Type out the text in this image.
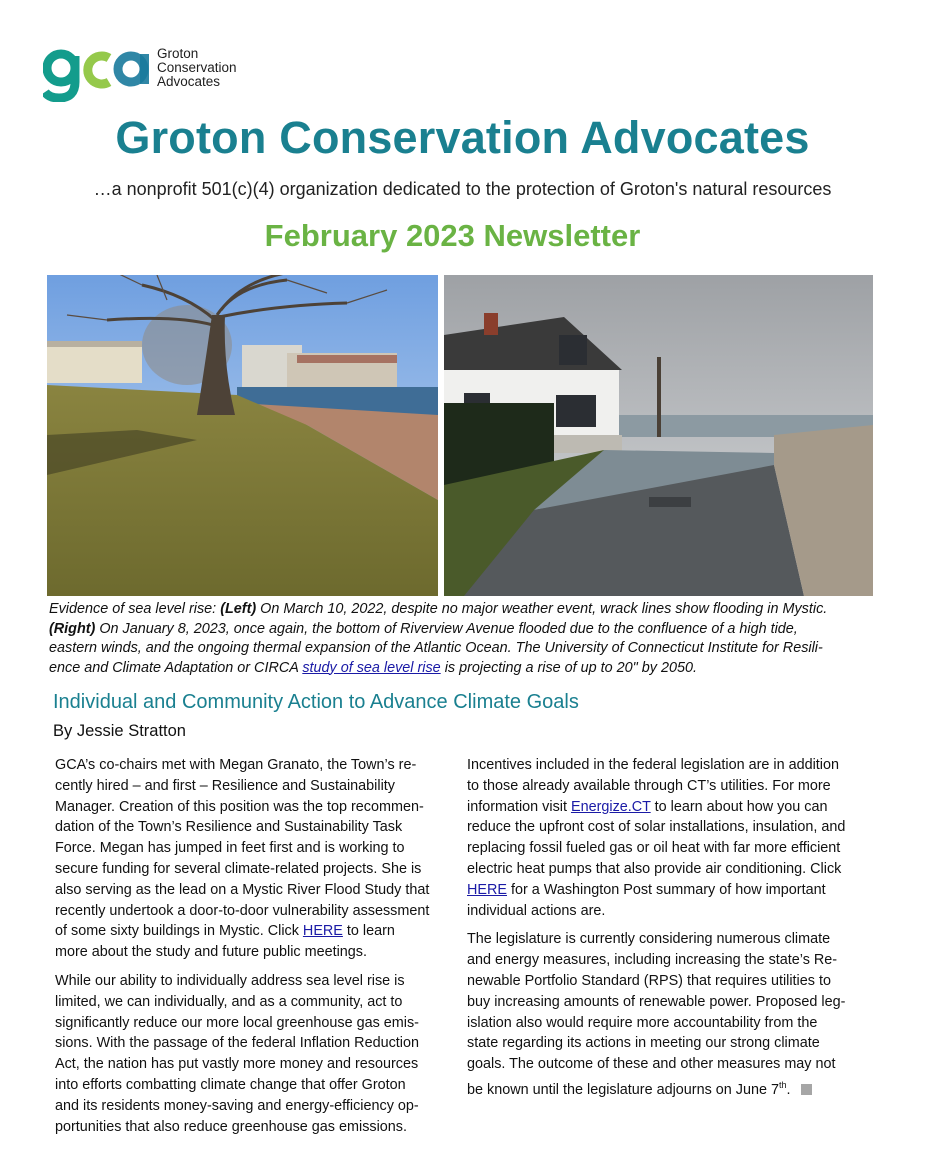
Groton
Conservation
Advocates
Groton Conservation Advocates
…a nonprofit 501(c)(4) organization dedicated to the protection of Groton's natural resources
February 2023 Newsletter
Evidence of sea level rise: (Left) On March 10, 2022, despite no major weather event, wrack lines show flooding in Mystic.
(Right) On January 8, 2023, once again, the bottom of Riverview Avenue flooded due to the confluence of a high tide,
eastern winds, and the ongoing thermal expansion of the Atlantic Ocean. The University of Connecticut Institute for Resili-
ence and Climate Adaptation or CIRCA study of sea level rise is projecting a rise of up to 20" by 2050.
Individual and Community Action to Advance Climate Goals
By Jessie Stratton

GCA’s co-chairs met with Megan Granato, the Town’s re-
cently hired – and first – Resilience and Sustainability
Manager. Creation of this position was the top recommen-
dation of the Town’s Resilience and Sustainability Task
Force. Megan has jumped in feet first and is working to
secure funding for several climate-related projects. She is
also serving as the lead on a Mystic River Flood Study that
recently undertook a door-to-door vulnerability assessment
of some sixty buildings in Mystic. Click HERE to learn
more about the study and future public meetings.

While our ability to individually address sea level rise is
limited, we can individually, and as a community, act to
significantly reduce our more local greenhouse gas emis-
sions. With the passage of the federal Inflation Reduction
Act, the nation has put vastly more money and resources
into efforts combatting climate change that offer Groton
and its residents money-saving and energy-efficiency op-
portunities that also reduce greenhouse gas emissions.

Incentives included in the federal legislation are in addition
to those already available through CT’s utilities. For more
information visit Energize.CT to learn about how you can
reduce the upfront cost of solar installations, insulation, and
replacing fossil fueled gas or oil heat with far more efficient
electric heat pumps that also provide air conditioning. Click
HERE for a Washington Post summary of how important
individual actions are.

The legislature is currently considering numerous climate
and energy measures, including increasing the state’s Re-
newable Portfolio Standard (RPS) that requires utilities to
buy increasing amounts of renewable power. Proposed leg-
islation also would require more accountability from the
state regarding its actions in meeting our strong climate
goals. The outcome of these and other measures may not
be known until the legislature adjourns on June 7th.
